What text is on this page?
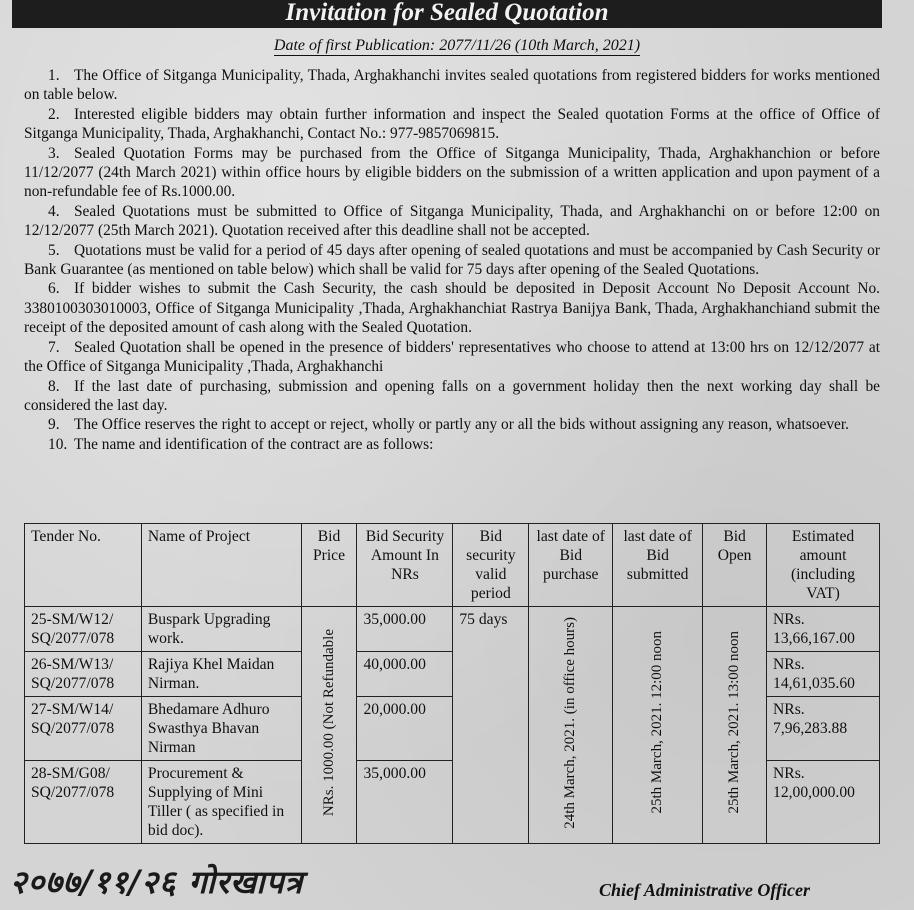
Invitation for Sealed Quotation
Date of first Publication: 2077/11/26 (10th March, 2021)

1. The Office of Sitganga Municipality, Thada, Arghakhanchi invites sealed quotations from registered bidders for works mentioned on table below.

2. Interested eligible bidders may obtain further information and inspect the Sealed quotation Forms at the office of Office of Sitganga Municipality, Thada, Arghakhanchi, Contact No.: 977-9857069815.

3. Sealed Quotation Forms may be purchased from the Office of Sitganga Municipality, Thada, Arghakhanchion or before 11/12/2077 (24th March 2021) within office hours by eligible bidders on the submission of a written application and upon payment of a non-refundable fee of Rs.1000.00.

4. Sealed Quotations must be submitted to Office of Sitganga Municipality, Thada, and Arghakhanchi on or before 12:00 on 12/12/2077 (25th March 2021). Quotation received after this deadline shall not be accepted.

5. Quotations must be valid for a period of 45 days after opening of sealed quotations and must be accompanied by Cash Security or Bank Guarantee (as mentioned on table below) which shall be valid for 75 days after opening of the Sealed Quotations.

6. If bidder wishes to submit the Cash Security, the cash should be deposited in Deposit Account No Deposit Account No. 3380100303010003, Office of Sitganga Municipality ,Thada, Arghakhanchiat Rastrya Banijya Bank, Thada, Arghakhanchiand submit the receipt of the deposited amount of cash along with the Sealed Quotation.

7. Sealed Quotation shall be opened in the presence of bidders' representatives who choose to attend at 13:00 hrs on 12/12/2077 at the Office of Sitganga Municipality ,Thada, Arghakhanchi

8. If the last date of purchasing, submission and opening falls on a government holiday then the next working day shall be considered the last day.

9. The Office reserves the right to accept or reject, wholly or partly any or all the bids without assigning any reason, whatsoever.

10. The name and identification of the contract are as follows:

Tender No.	Name of Project	Bid Price	Bid Security Amount In NRs	Bid security valid period	last date of Bid purchase	last date of Bid submitted	Bid Open	Estimated amount (including VAT)
25-SM/W12/ SQ/2077/078	Buspark Upgrading work.	NRs. 1000.00 (Not Refundable	35,000.00	75 days	24th March, 2021. (in office hours)	25th March, 2021. 12:00 noon	25th March, 2021. 13:00 noon	NRs. 13,66,167.00
26-SM/W13/ SQ/2077/078	Rajiya Khel Maidan Nirman.		40,000.00					NRs. 14,61,035.60
27-SM/W14/ SQ/2077/078	Bhedamare Adhuro Swasthya Bhavan Nirman		20,000.00					NRs. 7,96,283.88
28-SM/G08/ SQ/2077/078	Procurement & Supplying of Mini Tiller ( as specified in bid doc).		35,000.00					NRs. 12,00,000.00
२०७७/११/२६ गोरखापत्र	Chief Administrative Officer
